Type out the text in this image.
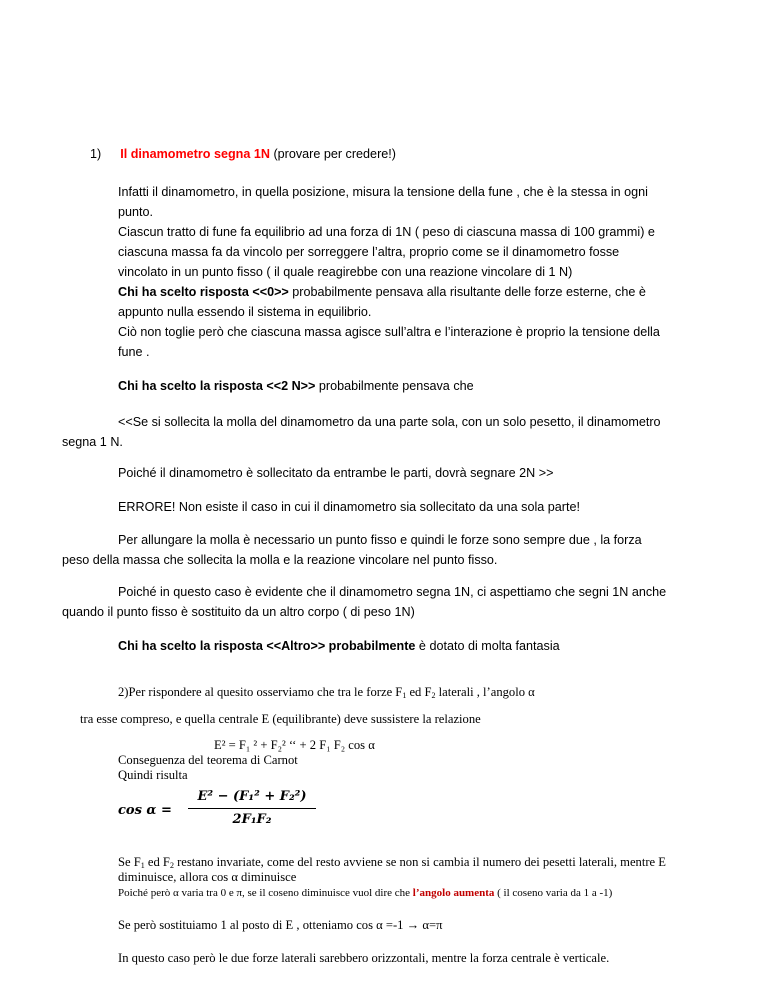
1) Il dinamometro segna 1N (provare per credere!)

Infatti il dinamometro, in quella posizione, misura la tensione della fune , che è la stessa in ogni
punto.
Ciascun tratto di fune fa equilibrio ad una forza di 1N ( peso di ciascuna massa di 100 grammi) e
ciascuna massa fa da vincolo per sorreggere l’altra, proprio come se il dinamometro fosse
vincolato in un punto fisso ( il quale reagirebbe con una reazione vincolare di 1 N)
Chi ha scelto risposta <<0>> probabilmente pensava alla risultante delle forze esterne, che è
appunto nulla essendo il sistema in equilibrio.
Ciò non toglie però che ciascuna massa agisce sull’altra e l’interazione è proprio la tensione della
fune .

Chi ha scelto la risposta <<2 N>> probabilmente pensava che

<<Se si sollecita la molla del dinamometro da una parte sola, con un solo pesetto, il dinamometro

segna 1 N.

Poiché il dinamometro è sollecitato da entrambe le parti, dovrà segnare 2N >>

ERRORE! Non esiste il caso in cui il dinamometro sia sollecitato da una sola parte!

Per allungare la molla è necessario un punto fisso e quindi le forze sono sempre due , la forza

peso della massa che sollecita la molla e la reazione vincolare nel punto fisso.

Poiché in questo caso è evidente che il dinamometro segna 1N, ci aspettiamo che segni 1N anche

quando il punto fisso è sostituito da un altro corpo ( di peso 1N)

Chi ha scelto la risposta <<Altro>> probabilmente è dotato di molta fantasia

2)Per rispondere al quesito osserviamo che tra le forze $F_1$ ed $F_2$ laterali , l’angolo α

tra esse compreso, e quella centrale E (equilibrante) deve sussistere la relazione

E² = F₁ ² + F₂² ‘‘ + 2 F₁ F₂ cos α

Conseguenza del teorema di Carnot

Quindi risulta

cos α =
E² − (F₁² + F₂²)
2F₁F₂

Se $F_1$ ed $F_2$ restano invariate, come del resto avviene se non si cambia il numero dei pesetti laterali, mentre E

diminuisce, allora cos α diminuisce

Poiché però α varia tra 0 e π, se il coseno diminuisce vuol dire che l’angolo aumenta ( il coseno varia da 1 a -1)

Se però sostituiamo 1 al posto di E , otteniamo cos α =-1 → α=π

In questo caso però le due forze laterali sarebbero orizzontali, mentre la forza centrale è verticale.
